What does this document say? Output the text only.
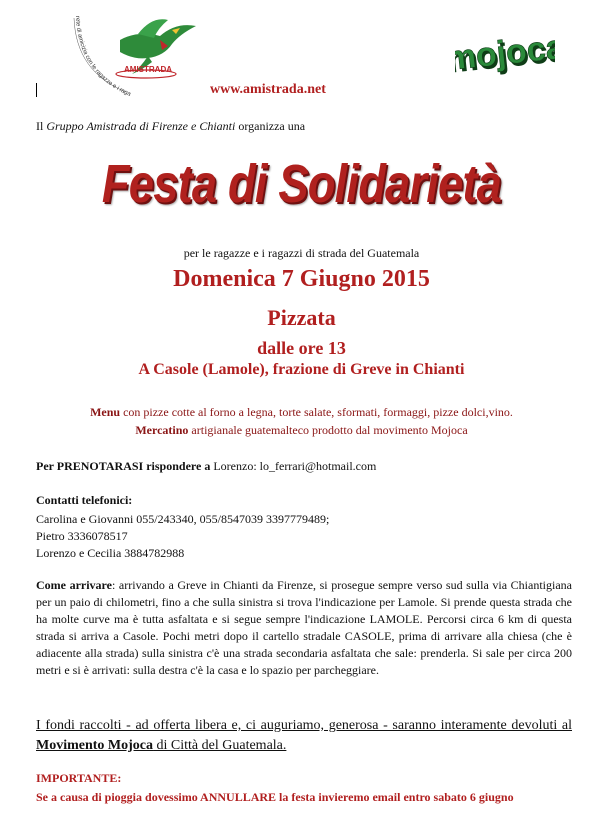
rete di amicizia con le ragazze e i raga
AMISTRADA	mojoca
mojoca
www.amistrada.net
Il Gruppo Amistrada di Firenze e Chianti organizza una
Festa di Solidarietà
per le ragazze e i ragazzi di strada del Guatemala
Domenica 7 Giugno 2015
Pizzata
dalle ore 13
A Casole (Lamole), frazione di Greve in Chianti
Menu con pizze cotte al forno a legna, torte salate, sformati, formaggi, pizze dolci,vino.
Mercatino artigianale guatemalteco prodotto dal movimento Mojoca
Per PRENOTARASI rispondere a Lorenzo: lo_ferrari@hotmail.com
Contatti telefonici:
Carolina e Giovanni 055/243340, 055/8547039 3397779489;
Pietro 3336078517
Lorenzo e Cecilia 3884782988
Come arrivare: arrivando a Greve in Chianti da Firenze, si prosegue sempre verso sud sulla via Chiantigiana per un paio di chilometri, fino a che sulla sinistra si trova l'indicazione per Lamole. Si prende questa strada che ha molte curve ma è tutta asfaltata e si segue sempre l'indicazione LAMOLE. Percorsi circa 6 km di questa strada si arriva a Casole. Pochi metri dopo il cartello stradale CASOLE, prima di arrivare alla chiesa (che è adiacente alla strada) sulla sinistra c'è una strada secondaria asfaltata che sale: prenderla. Si sale per circa 200 metri e si è arrivati: sulla destra c'è la casa e lo spazio per parcheggiare.
I fondi raccolti - ad offerta libera e, ci auguriamo, generosa - saranno interamente devoluti al Movimento Mojoca di Città del Guatemala.
IMPORTANTE:
Se a causa di pioggia dovessimo ANNULLARE la festa invieremo email entro sabato 6 giugno
